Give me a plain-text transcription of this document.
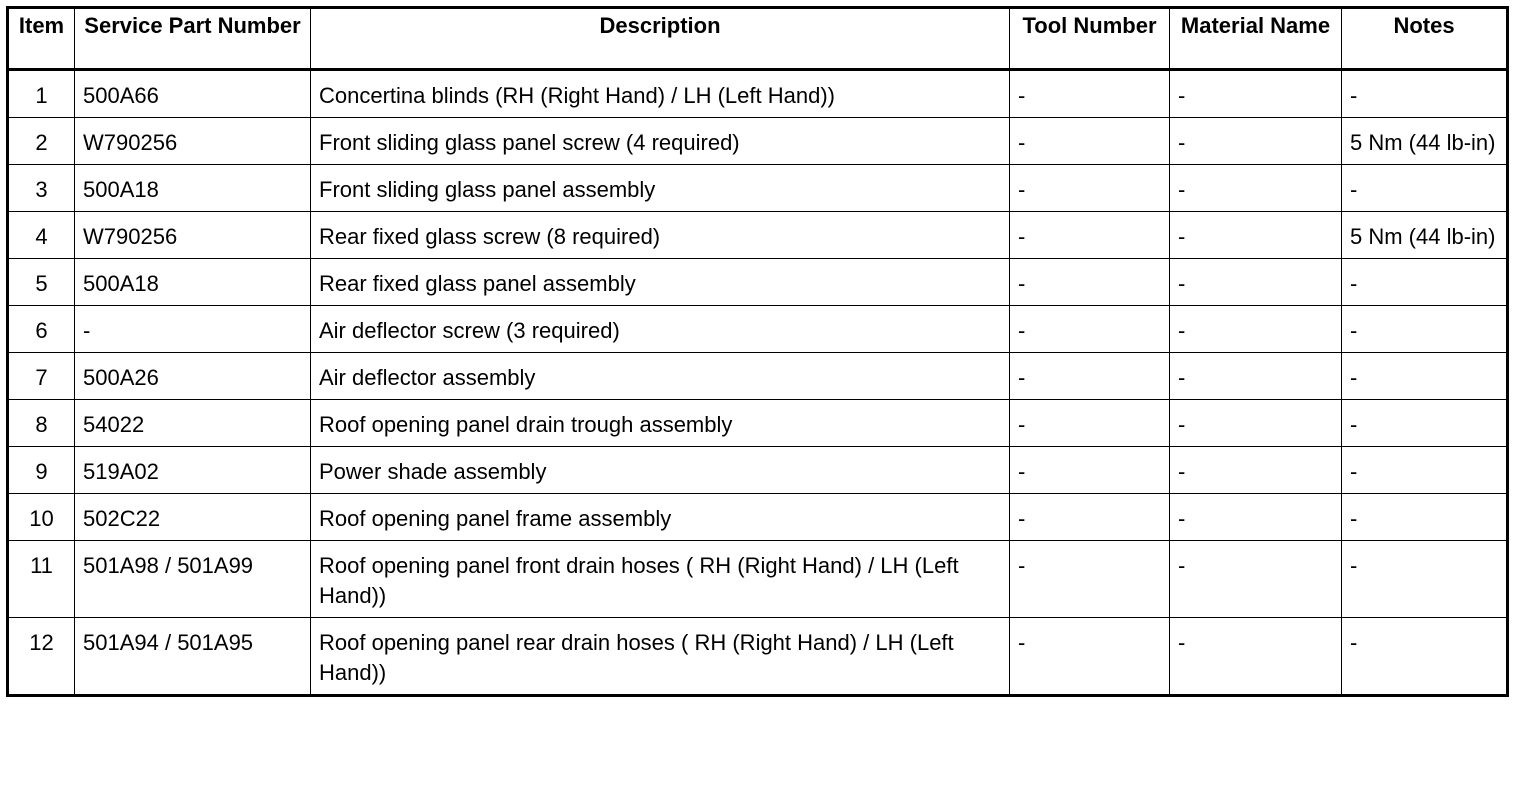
Item	Service Part Number	Description	Tool Number	Material Name	Notes
1	500A66	Concertina blinds (RH (Right Hand) / LH (Left Hand))	-	-	-
2	W790256	Front sliding glass panel screw (4 required)	-	-	5 Nm (44 lb-in)
3	500A18	Front sliding glass panel assembly	-	-	-
4	W790256	Rear fixed glass screw (8 required)	-	-	5 Nm (44 lb-in)
5	500A18	Rear fixed glass panel assembly	-	-	-
6	-	Air deflector screw (3 required)	-	-	-
7	500A26	Air deflector assembly	-	-	-
8	54022	Roof opening panel drain trough assembly	-	-	-
9	519A02	Power shade assembly	-	-	-
10	502C22	Roof opening panel frame assembly	-	-	-
11	501A98 / 501A99	Roof opening panel front drain hoses ( RH (Right Hand) / LH (Left Hand))	-	-	-
12	501A94 / 501A95	Roof opening panel rear drain hoses ( RH (Right Hand) / LH (Left Hand))	-	-	-
